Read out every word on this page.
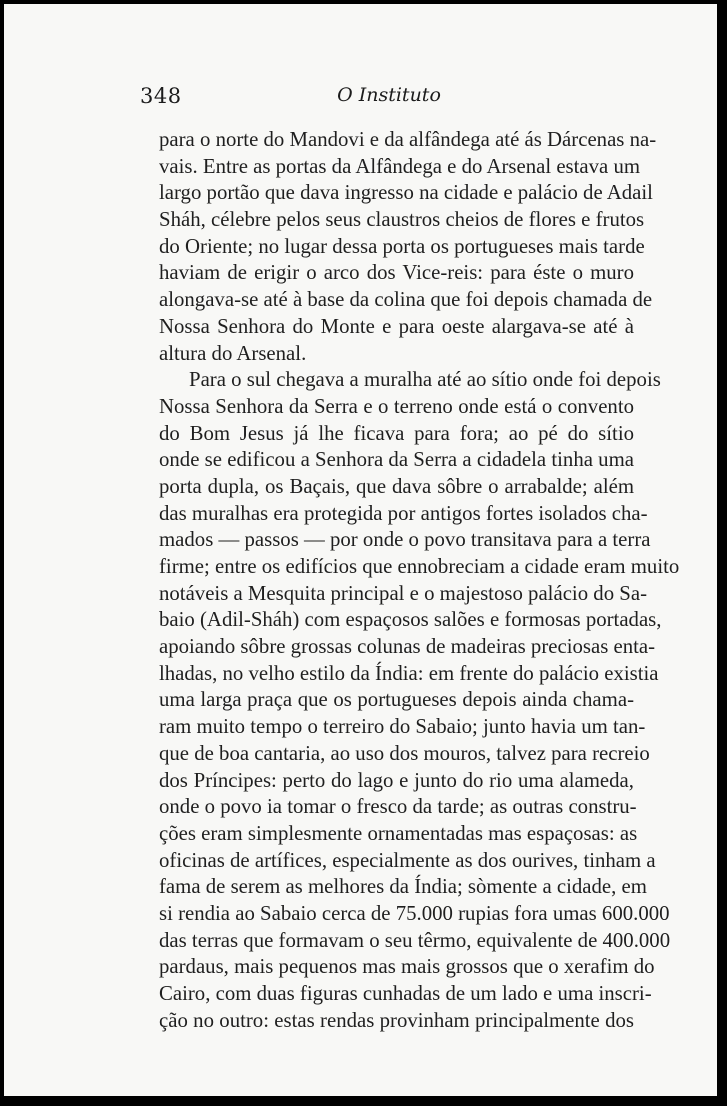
348	O Instituto
para o norte do Mandovi e da alfândega até ás Dárcenas na-
vais. Entre as portas da Alfândega e do Arsenal estava um
largo portão que dava ingresso na cidade e palácio de Adail
Sháh, célebre pelos seus claustros cheios de flores e frutos
do Oriente; no lugar dessa porta os portugueses mais tarde
haviam de erigir o arco dos Vice-reis: para éste o muro
alongava-se até à base da colina que foi depois chamada de
Nossa Senhora do Monte e para oeste alargava-se até à
altura do Arsenal.
Para o sul chegava a muralha até ao sítio onde foi depois
Nossa Senhora da Serra e o terreno onde está o convento
do Bom Jesus já lhe ficava para fora; ao pé do sítio
onde se edificou a Senhora da Serra a cidadela tinha uma
porta dupla, os Baçais, que dava sôbre o arrabalde; além
das muralhas era protegida por antigos fortes isolados cha-
mados — passos — por onde o povo transitava para a terra
firme; entre os edifícios que ennobreciam a cidade eram muito
notáveis a Mesquita principal e o majestoso palácio do Sa-
baio (Adil-Sháh) com espaçosos salões e formosas portadas,
apoiando sôbre grossas colunas de madeiras preciosas enta-
lhadas, no velho estilo da Índia: em frente do palácio existia
uma larga praça que os portugueses depois ainda chama-
ram muito tempo o terreiro do Sabaio; junto havia um tan-
que de boa cantaria, ao uso dos mouros, talvez para recreio
dos Príncipes: perto do lago e junto do rio uma alameda,
onde o povo ia tomar o fresco da tarde; as outras constru-
ções eram simplesmente ornamentadas mas espaçosas: as
oficinas de artífices, especialmente as dos ourives, tinham a
fama de serem as melhores da Índia; sòmente a cidade, em
si rendia ao Sabaio cerca de 75.000 rupias fora umas 600.000
das terras que formavam o seu têrmo, equivalente de 400.000
pardaus, mais pequenos mas mais grossos que o xerafim do
Cairo, com duas figuras cunhadas de um lado e uma inscri-
ção no outro: estas rendas provinham principalmente dos
